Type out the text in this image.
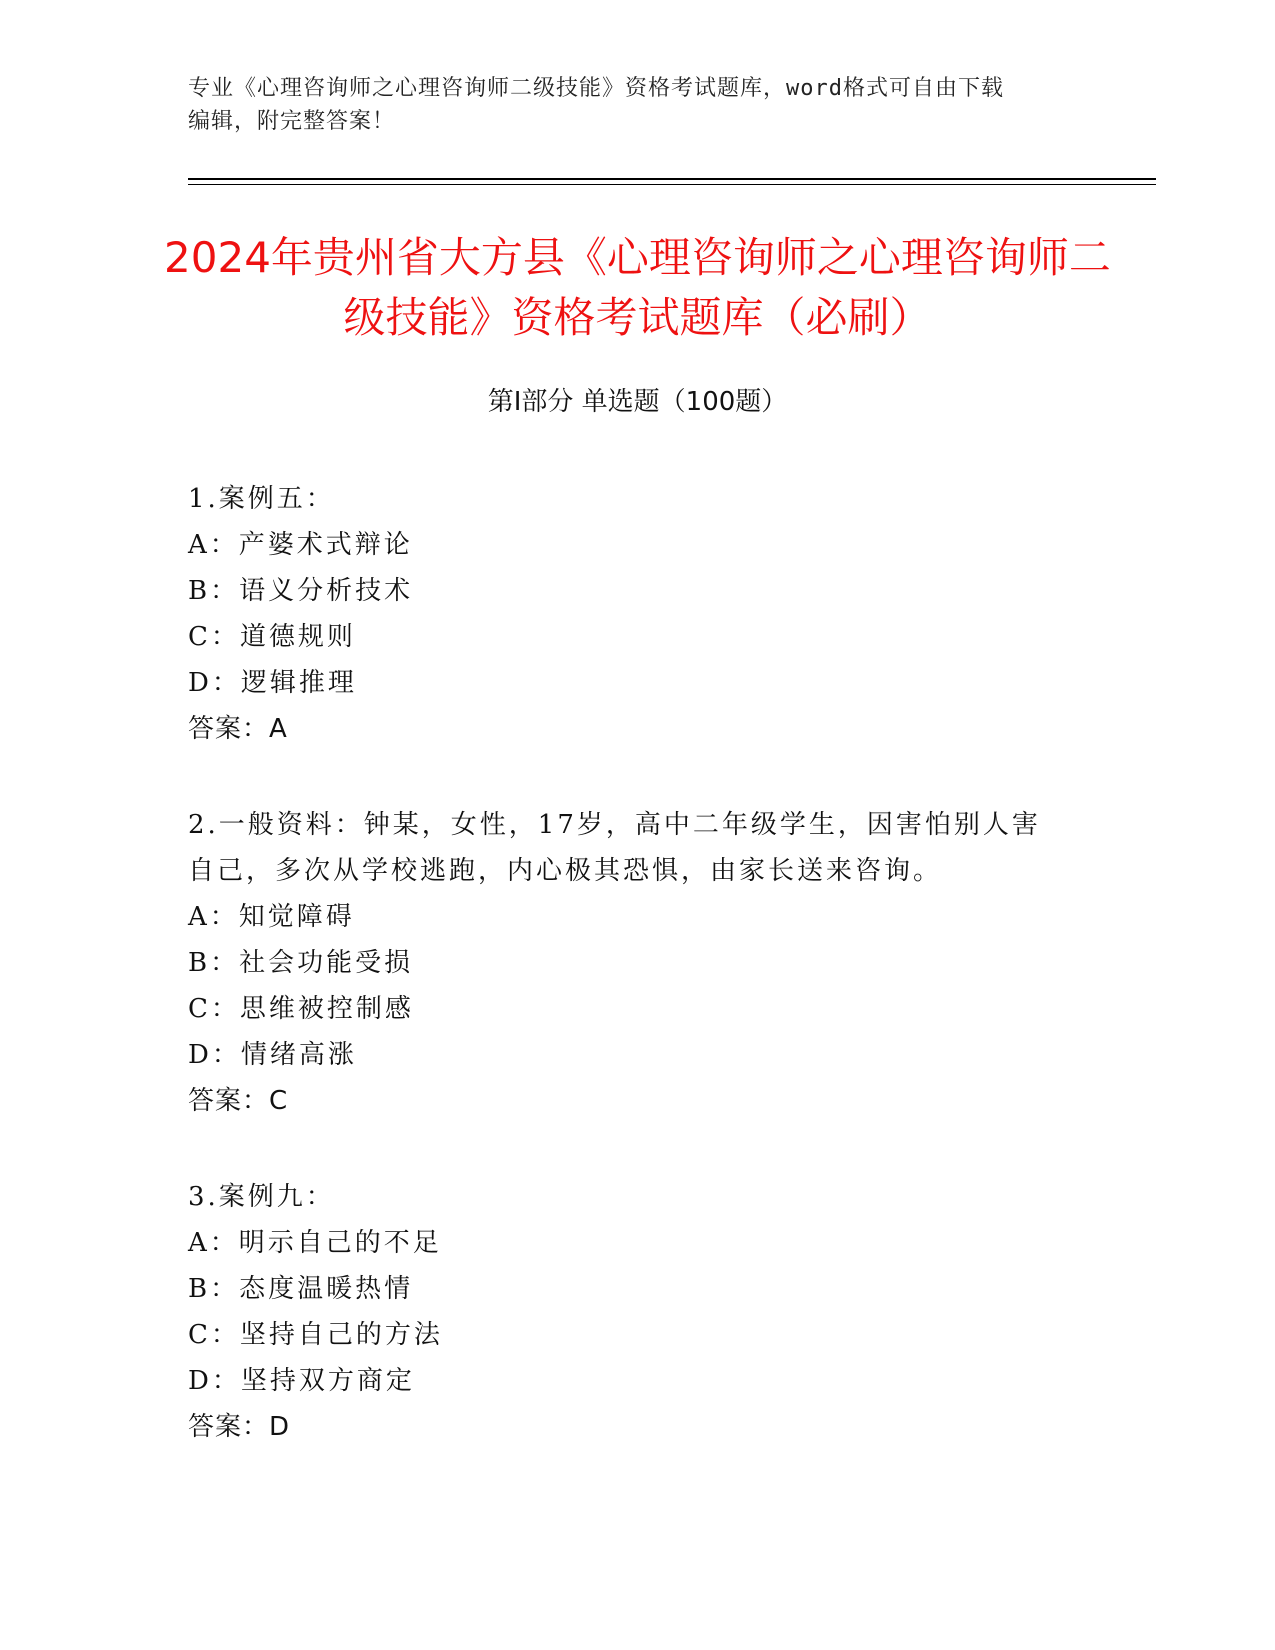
专业《心理咨询师之心理咨询师二级技能》资格考试题库，word格式可自由下载
编辑，附完整答案！
2024年贵州省大方县《心理咨询师之心理咨询师二级技能》资格考试题库（必刷）
第Ⅰ部分 单选题（100题）
1.案例五：
A：产婆术式辩论
B：语义分析技术
C：道德规则
D：逻辑推理
答案：A
2.一般资料：钟某，女性，17岁，高中二年级学生，因害怕别人害自己，多次从学校逃跑，内心极其恐惧，由家长送来咨询。
A：知觉障碍
B：社会功能受损
C：思维被控制感
D：情绪高涨
答案：C
3.案例九：
A：明示自己的不足
B：态度温暖热情
C：坚持自己的方法
D：坚持双方商定
答案：D
